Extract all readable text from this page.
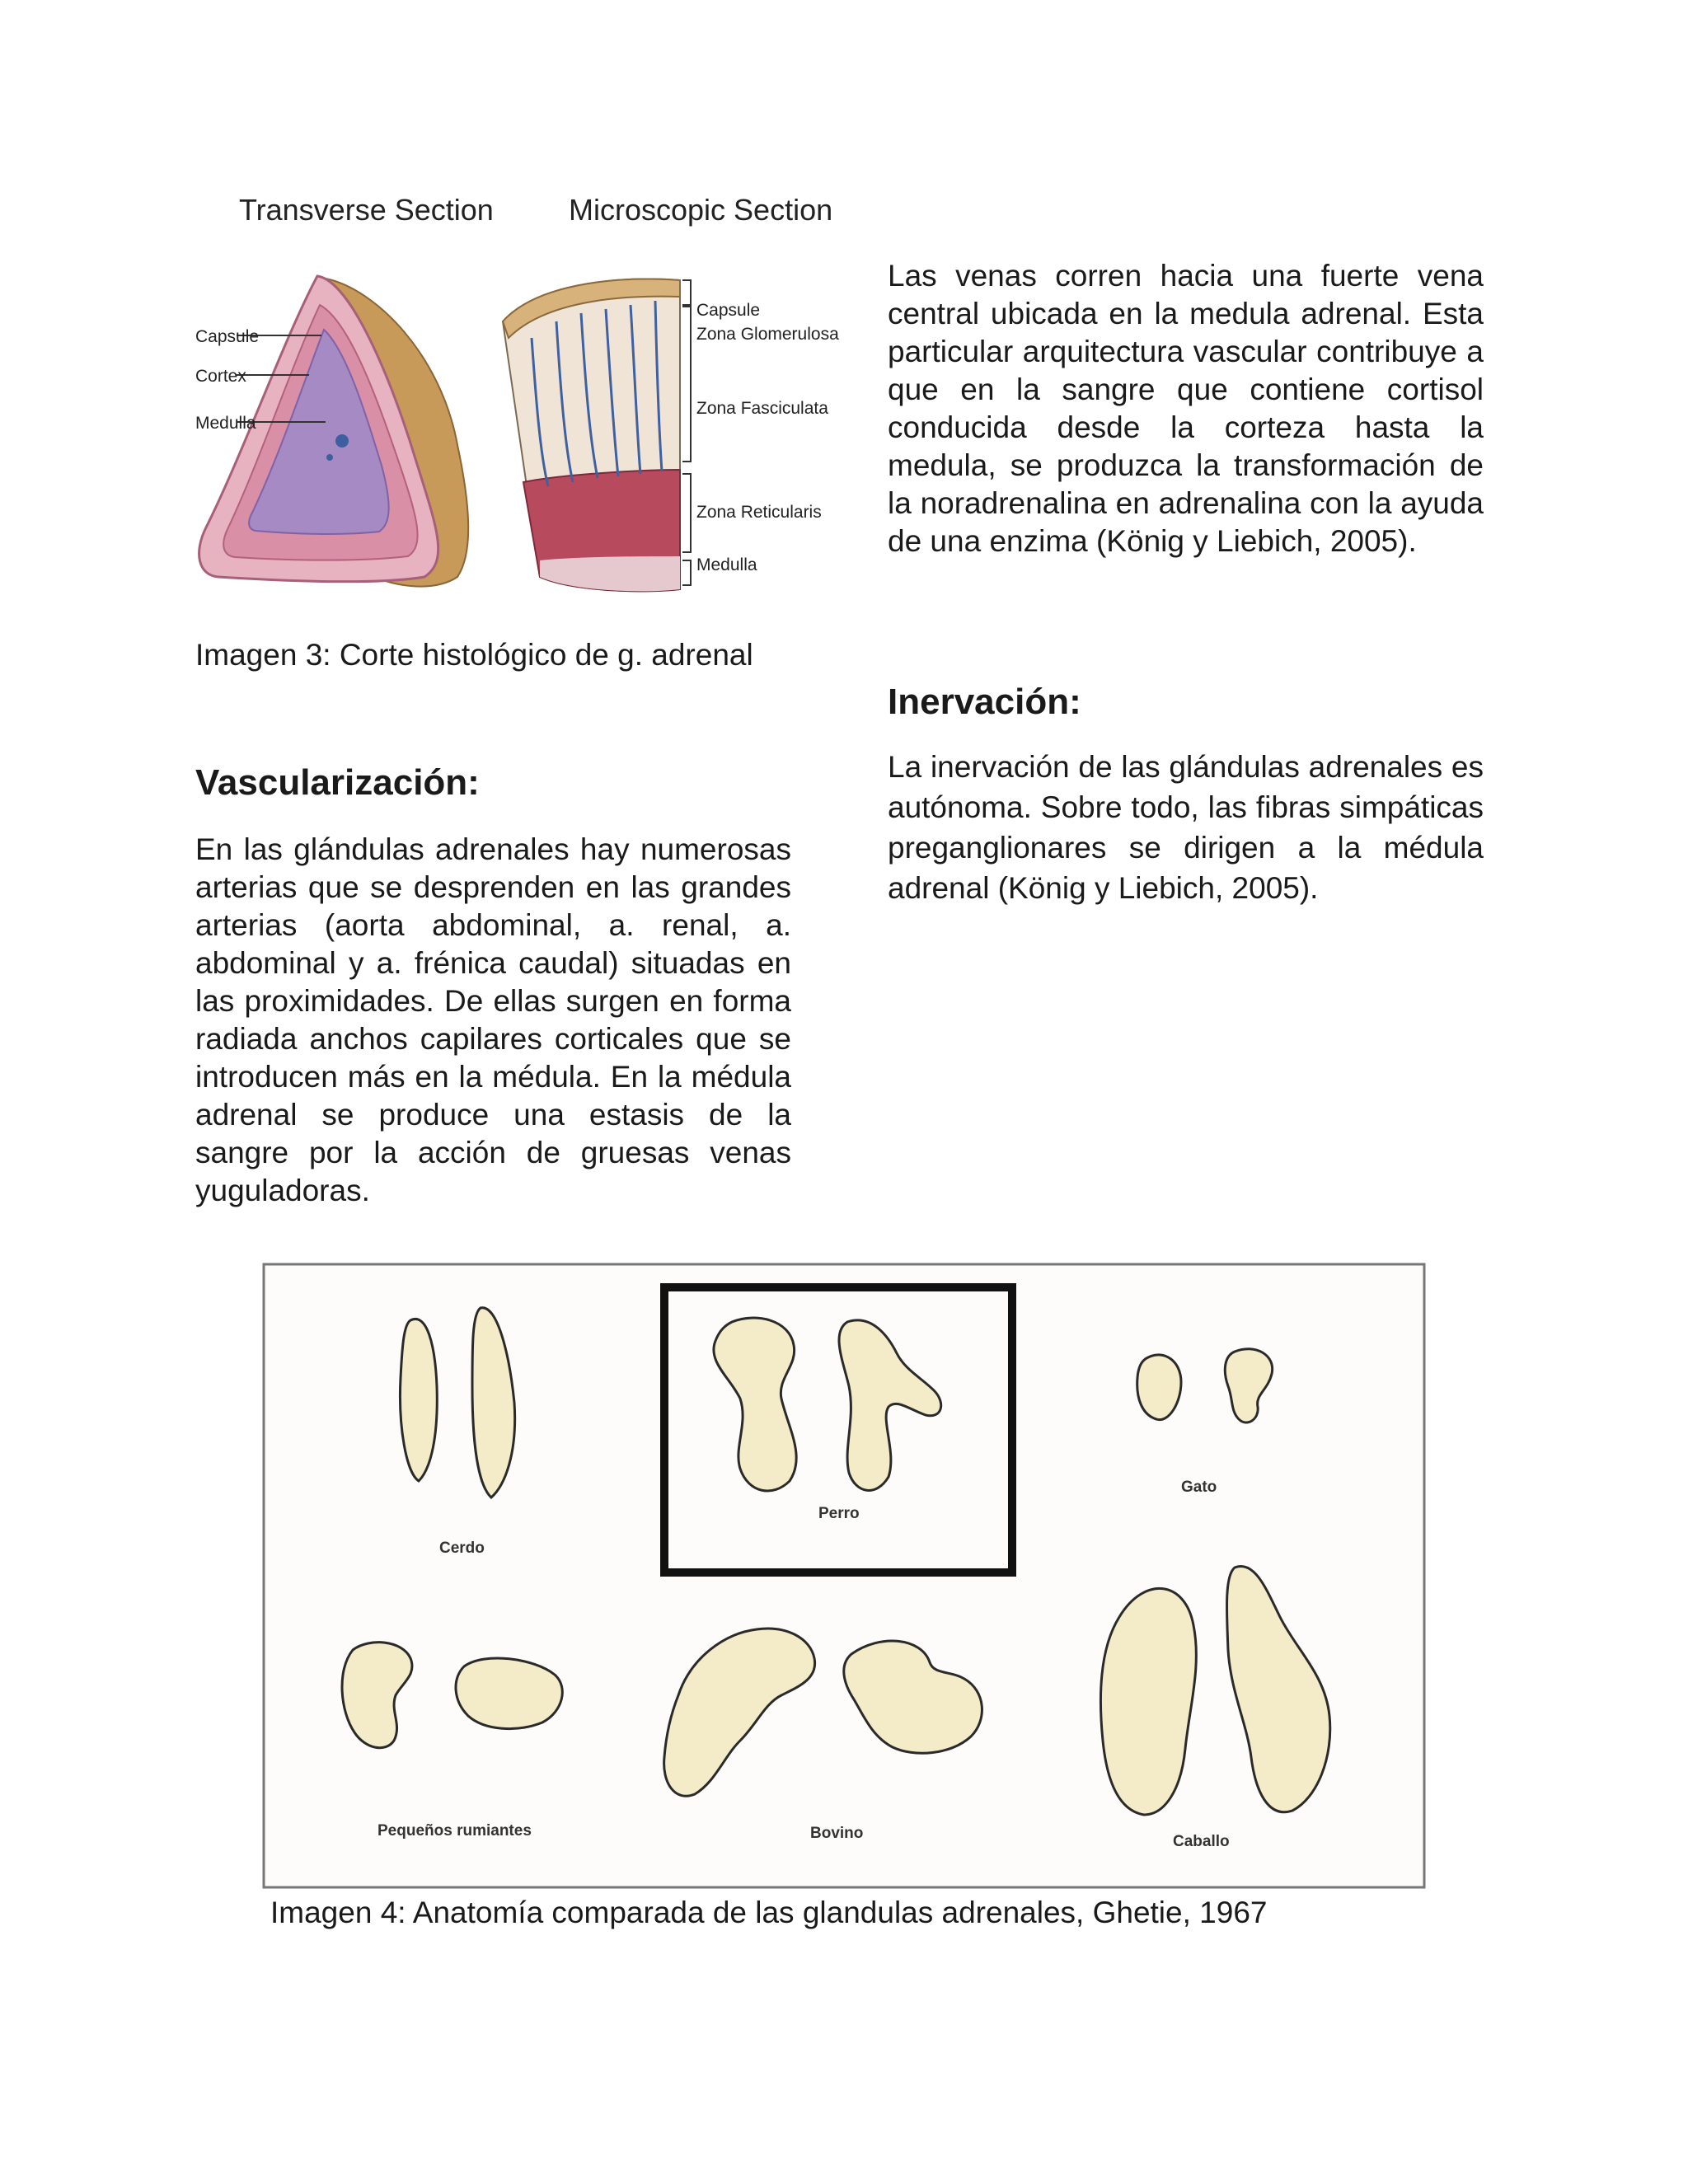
Transverse Section	Microscopic Section
Capsule
Cortex
Medulla
Capsule
Zona Glomerulosa
Zona Fasciculata
Zona Reticularis
Medulla

Imagen 3: Corte histológico de g. adrenal

Vascularización:

En las glándulas adrenales hay numerosas arterias que se desprenden en las grandes arterias (aorta abdominal, a. renal, a. abdominal y a. frénica caudal) situadas en las proximidades. De ellas surgen en forma radiada anchos capilares corticales que se introducen más en la médula. En la médula adrenal se produce una estasis de la sangre por la acción de gruesas venas yuguladoras.

Las venas corren hacia una fuerte vena central ubicada en la medula adrenal. Esta particular arquitectura vascular contribuye a que en la sangre que contiene cortisol conducida desde la corteza hasta la medula, se produzca la transformación de la noradrenalina en adrenalina con la ayuda de una enzima (König y Liebich, 2005).

Inervación:

La inervación de las glándulas adrenales es autónoma. Sobre todo, las fibras simpáticas preganglionares se dirigen a la médula adrenal (König y Liebich, 2005).

Cerdo
Perro
Gato
Pequeños rumiantes	Bovino	Caballo

Imagen 4: Anatomía comparada de las glandulas adrenales, Ghetie, 1967
